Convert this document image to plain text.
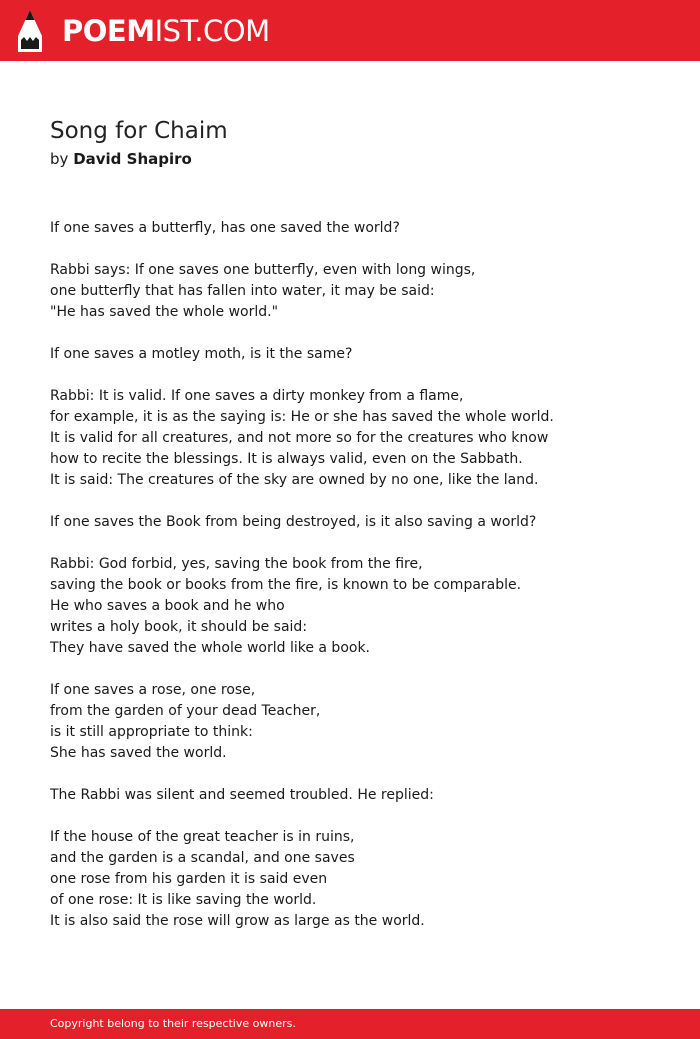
POEMIST.COM
Song for Chaim
by David Shapiro
If one saves a butterfly, has one saved the world?
Rabbi says: If one saves one butterfly, even with long wings,
one butterfly that has fallen into water, it may be said:
"He has saved the whole world."
If one saves a motley moth, is it the same?
Rabbi: It is valid. If one saves a dirty monkey from a flame,
for example, it is as the saying is: He or she has saved the whole world.
It is valid for all creatures, and not more so for the creatures who know
how to recite the blessings. It is always valid, even on the Sabbath.
It is said: The creatures of the sky are owned by no one, like the land.
If one saves the Book from being destroyed, is it also saving a world?
Rabbi: God forbid, yes, saving the book from the fire,
saving the book or books from the fire, is known to be comparable.
He who saves a book and he who
writes a holy book, it should be said:
They have saved the whole world like a book.
If one saves a rose, one rose,
from the garden of your dead Teacher,
is it still appropriate to think:
She has saved the world.
The Rabbi was silent and seemed troubled. He replied:
If the house of the great teacher is in ruins,
and the garden is a scandal, and one saves
one rose from his garden it is said even
of one rose: It is like saving the world.
It is also said the rose will grow as large as the world.
Copyright belong to their respective owners.
